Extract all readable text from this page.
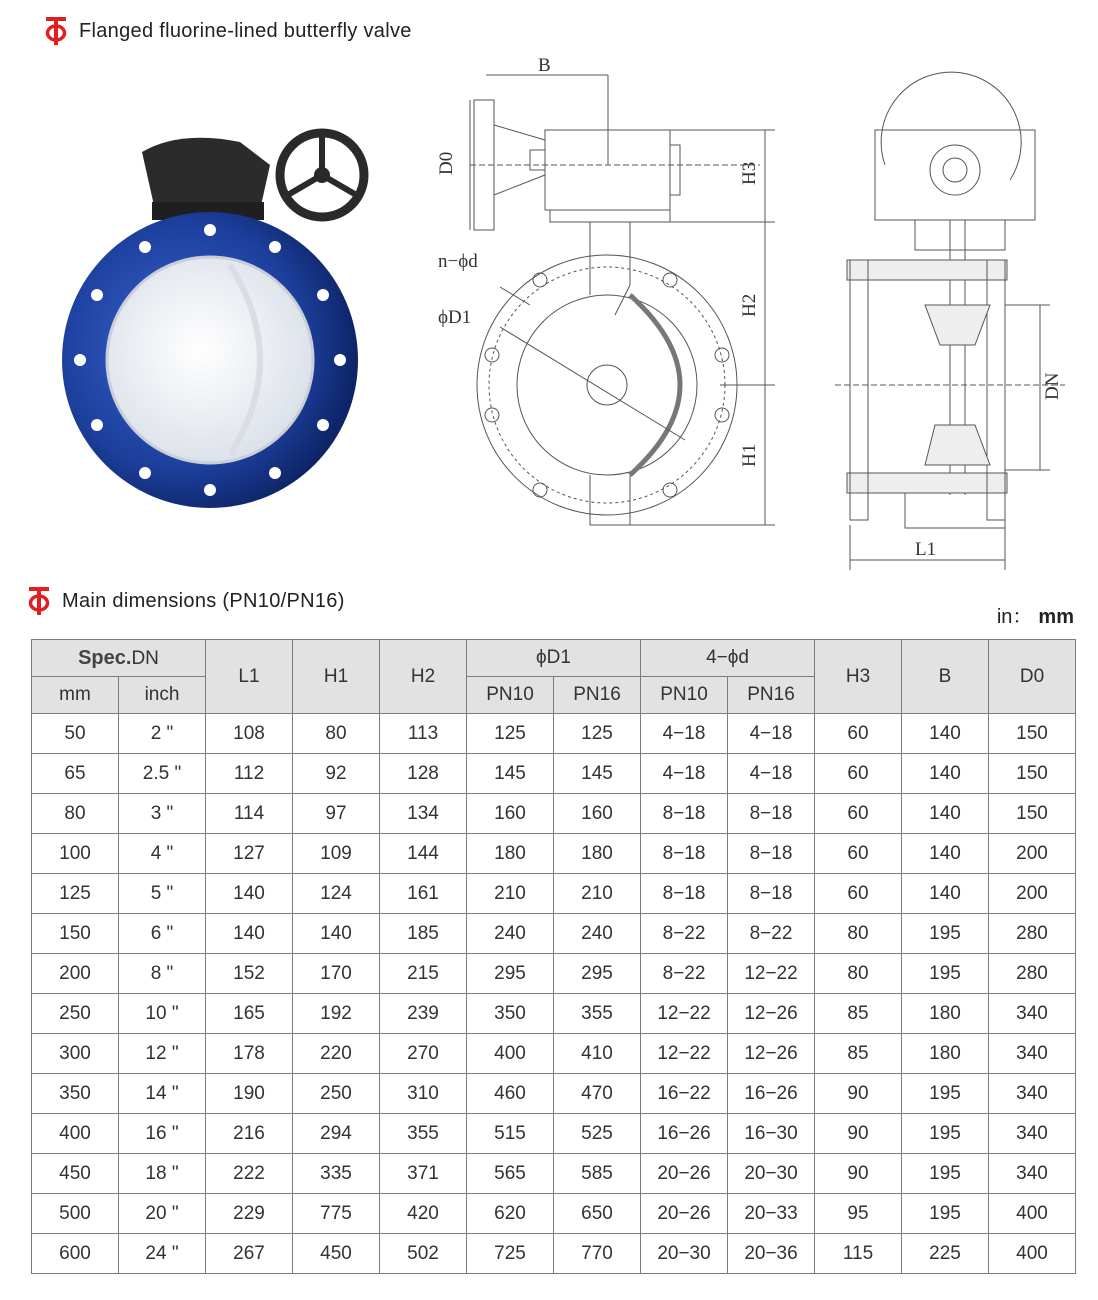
Flanged fluorine-lined butterfly valve
B
D0	H3
H2
H1
n−ϕd
ϕD1
DN
L1
Main dimensions (PN10/PN16)
in： mm
Spec.DN		L1	H1	H2	ϕD1		4−ϕd		H3	B	D0
mm	inch				PN10	PN16	PN10	PN16			
50	2 "	108	80	113	125	125	4−18	4−18	60	140	150
65	2.5 "	112	92	128	145	145	4−18	4−18	60	140	150
80	3 "	114	97	134	160	160	8−18	8−18	60	140	150
100	4 "	127	109	144	180	180	8−18	8−18	60	140	200
125	5 "	140	124	161	210	210	8−18	8−18	60	140	200
150	6 "	140	140	185	240	240	8−22	8−22	80	195	280
200	8 "	152	170	215	295	295	8−22	12−22	80	195	280
250	10 "	165	192	239	350	355	12−22	12−26	85	180	340
300	12 "	178	220	270	400	410	12−22	12−26	85	180	340
350	14 "	190	250	310	460	470	16−22	16−26	90	195	340
400	16 "	216	294	355	515	525	16−26	16−30	90	195	340
450	18 "	222	335	371	565	585	20−26	20−30	90	195	340
500	20 "	229	775	420	620	650	20−26	20−33	95	195	400
600	24 "	267	450	502	725	770	20−30	20−36	115	225	400
